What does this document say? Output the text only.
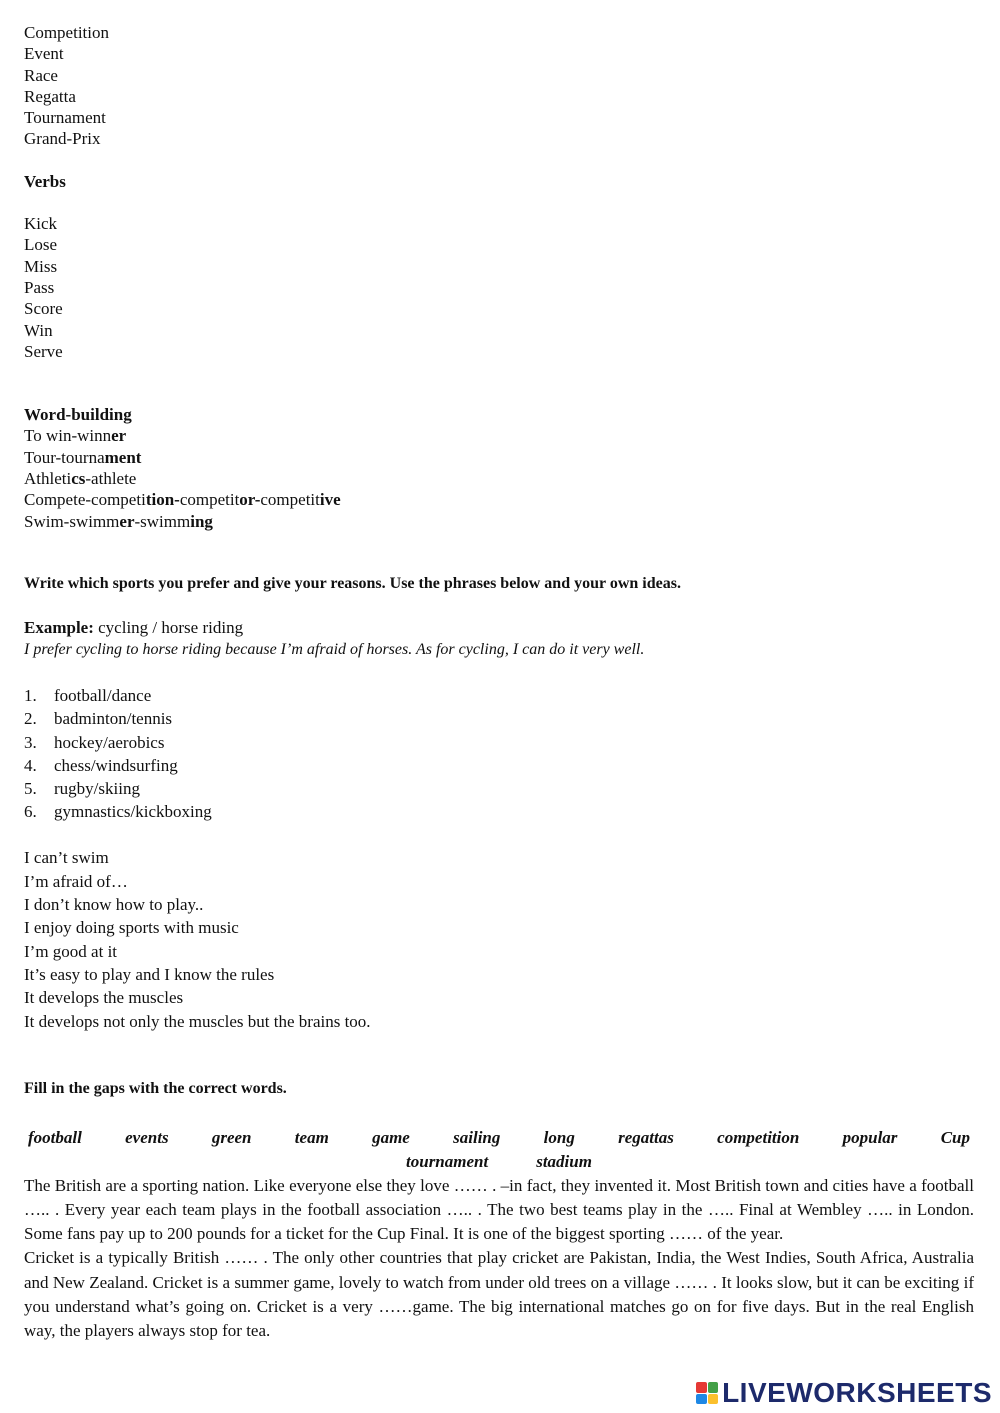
Competition
Event
Race
Regatta
Tournament
Grand-Prix
Verbs
Kick
Lose
Miss
Pass
Score
Win
Serve
Word-building
To win-winner
Tour-tournament
Athletics-athlete
Compete-competition-competitor-competitive
Swim-swimmer-swimming
Write which sports you prefer and give your reasons. Use the phrases below and your own ideas.
Example: cycling / horse riding
I prefer cycling to horse riding because I’m afraid of horses. As for cycling, I can do it very well.
1. football/dance
2. badminton/tennis
3. hockey/aerobics
4. chess/windsurfing
5. rugby/skiing
6. gymnastics/kickboxing
I can’t swim
I’m afraid of…
I don’t know how to play..
I enjoy doing sports with music
I’m good at it
It’s easy to play and I know the rules
It develops the muscles
It develops not only the muscles but the brains too.
Fill in the gaps with the correct words.
football	events	green	team	game	sailing	long	regattas	competition	popular	Cup
tournament	stadium
The British are a sporting nation. Like everyone else they love …… . –in fact, they invented it. Most British town and cities have a football ….. . Every year each team plays in the football association ….. . The two best teams play in the ….. Final at Wembley ….. in London. Some fans pay up to 200 pounds for a ticket for the Cup Final. It is one of the biggest sporting …… of the year.
Cricket is a typically British …… . The only other countries that play cricket are Pakistan, India, the West Indies, South Africa, Australia and New Zealand. Cricket is a summer game, lovely to watch from under old trees on a village …… . It looks slow, but it can be exciting if you understand what’s going on. Cricket is a very ……game. The big international matches go on for five days. But in the real English way, the players always stop for tea.
LIVEWORKSHEETS
